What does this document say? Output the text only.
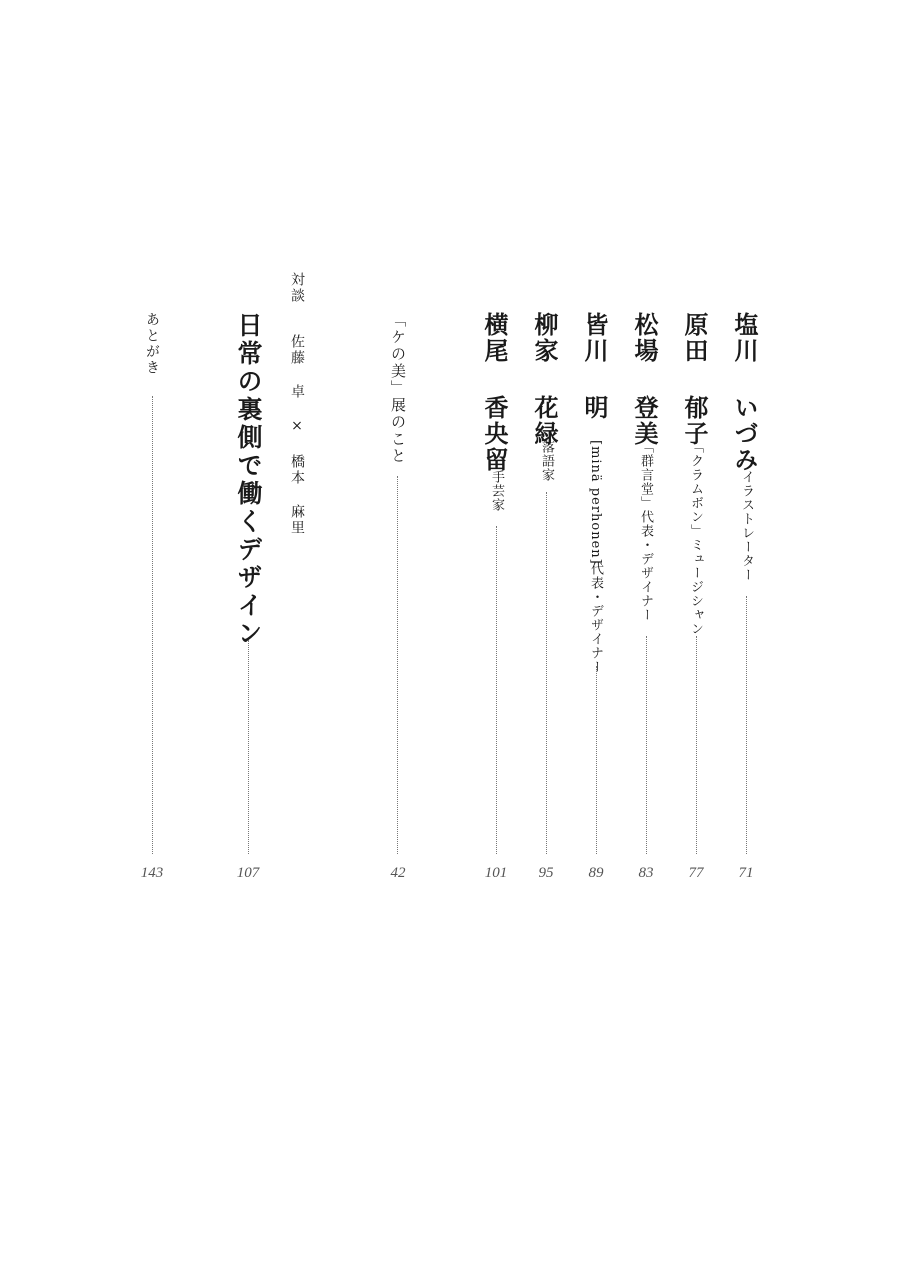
塩川 いづみ
イラストレーター
71
原田 郁子
「クラムボン」ミュージシャン
77
松場 登美
「群言堂」代表・デザイナー
83
皆川 明
[minä perhonen]
代表・デザイナー
89
柳家 花緑
落語家
95
横尾 香央留
手芸家
101
「ケの美」展のこと
42
対談
佐藤 卓 × 橋本 麻里
日常の裏側で働くデザイン
107
あとがき
143
